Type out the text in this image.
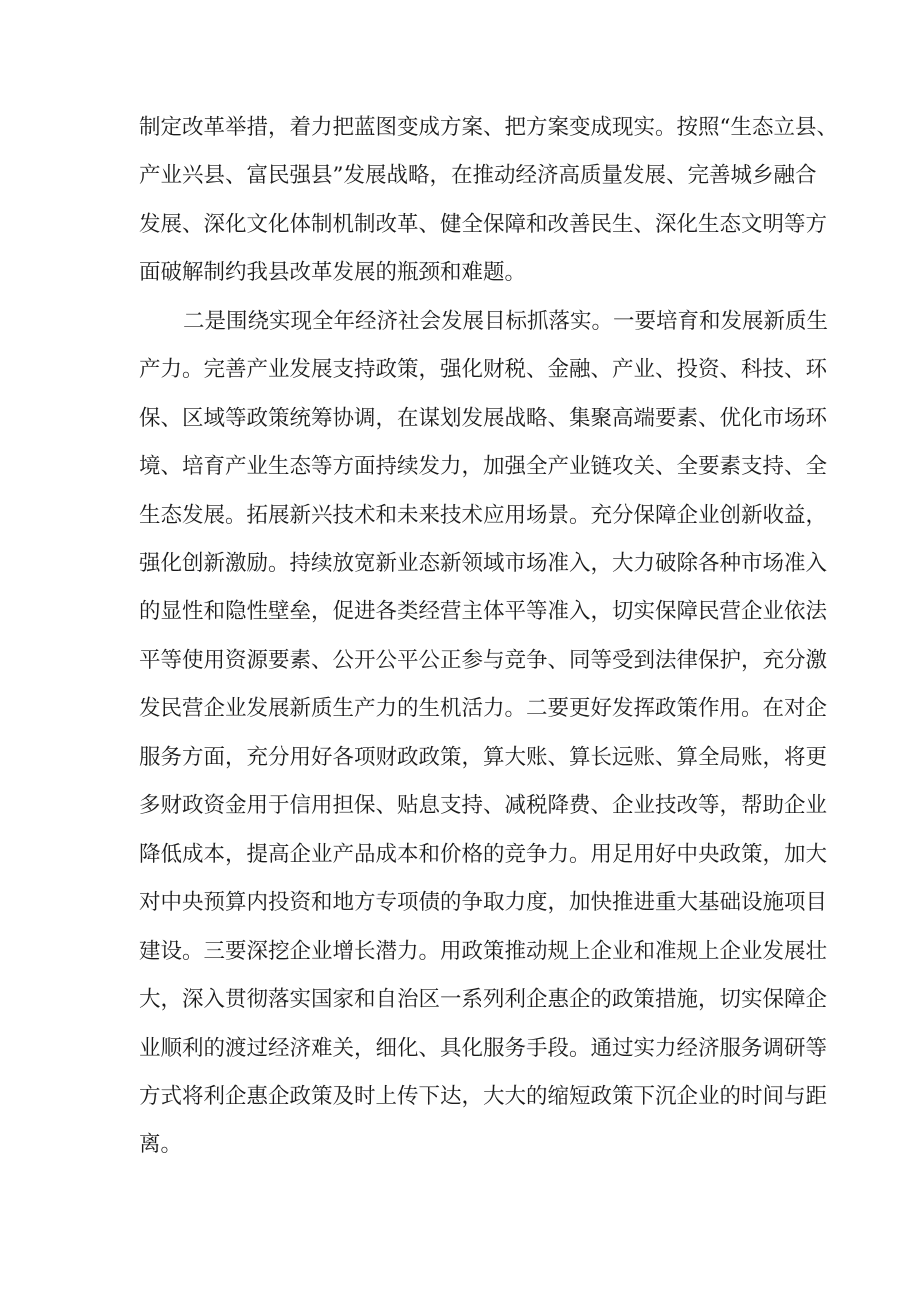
制定改革举措，着力把蓝图变成方案、把方案变成现实。按照“生态立县、
产业兴县、富民强县”发展战略，在推动经济高质量发展、完善城乡融合
发展、深化文化体制机制改革、健全保障和改善民生、深化生态文明等方
面破解制约我县改革发展的瓶颈和难题。
二是围绕实现全年经济社会发展目标抓落实。一要培育和发展新质生
产力。完善产业发展支持政策，强化财税、金融、产业、投资、科技、环
保、区域等政策统筹协调，在谋划发展战略、集聚高端要素、优化市场环
境、培育产业生态等方面持续发力，加强全产业链攻关、全要素支持、全
生态发展。拓展新兴技术和未来技术应用场景。充分保障企业创新收益，
强化创新激励。持续放宽新业态新领域市场准入，大力破除各种市场准入
的显性和隐性壁垒，促进各类经营主体平等准入，切实保障民营企业依法
平等使用资源要素、公开公平公正参与竞争、同等受到法律保护，充分激
发民营企业发展新质生产力的生机活力。二要更好发挥政策作用。在对企
服务方面，充分用好各项财政政策，算大账、算长远账、算全局账，将更
多财政资金用于信用担保、贴息支持、减税降费、企业技改等，帮助企业
降低成本，提高企业产品成本和价格的竞争力。用足用好中央政策，加大
对中央预算内投资和地方专项债的争取力度，加快推进重大基础设施项目
建设。三要深挖企业增长潜力。用政策推动规上企业和准规上企业发展壮
大，深入贯彻落实国家和自治区一系列利企惠企的政策措施，切实保障企
业顺利的渡过经济难关，细化、具化服务手段。通过实力经济服务调研等
方式将利企惠企政策及时上传下达，大大的缩短政策下沉企业的时间与距
离。
